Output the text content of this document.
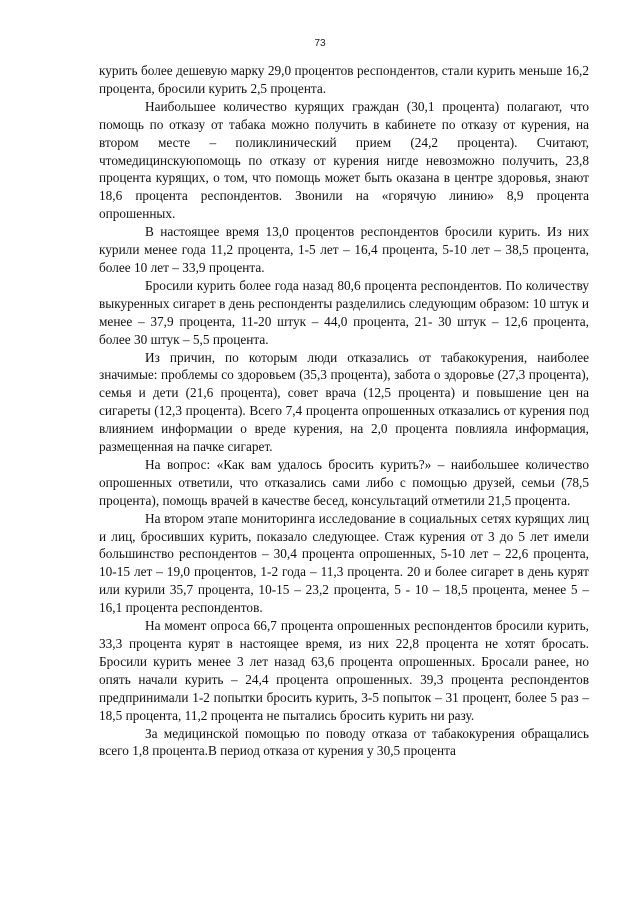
73

курить более дешевую марку 29,0 процентов респондентов, стали курить меньше 16,2 процента, бросили курить 2,5 процента.

Наибольшее количество курящих граждан (30,1 процента) полагают, что помощь по отказу от табака можно получить в кабинете по отказу от курения, на втором месте – поликлинический прием (24,2 процента). Считают, чтомедицинскуюпомощь по отказу от курения нигде невозможно получить, 23,8 процента курящих, о том, что помощь может быть оказана в центре здоровья, знают 18,6 процента респондентов. Звонили на «горячую линию» 8,9 процента опрошенных.

В настоящее время 13,0 процентов респондентов бросили курить. Из них курили менее года 11,2 процента, 1-5 лет – 16,4 процента, 5-10 лет – 38,5 процента, более 10 лет – 33,9 процента.

Бросили курить более года назад 80,6 процента респондентов. По количеству выкуренных сигарет в день респонденты разделились следующим образом: 10 штук и менее – 37,9 процента, 11-20 штук – 44,0 процента, 21- 30 штук – 12,6 процента, более 30 штук – 5,5 процента.

Из причин, по которым люди отказались от табакокурения, наиболее значимые: проблемы со здоровьем (35,3 процента), забота о здоровье (27,3 процента), семья и дети (21,6 процента), совет врача (12,5 процента) и повышение цен на сигареты (12,3 процента). Всего 7,4 процента опрошенных отказались от курения под влиянием информации о вреде курения, на 2,0 процента повлияла информация, размещенная на пачке сигарет.

На вопрос: «Как вам удалось бросить курить?» – наибольшее количество опрошенных ответили, что отказались сами либо с помощью друзей, семьи (78,5 процента), помощь врачей в качестве бесед, консультаций отметили 21,5 процента.

На втором этапе мониторинга исследование в социальных сетях курящих лиц и лиц, бросивших курить, показало следующее. Стаж курения от 3 до 5 лет имели большинство респондентов – 30,4 процента опрошенных, 5-10 лет – 22,6 процента, 10-15 лет – 19,0 процентов, 1-2 года – 11,3 процента. 20 и более сигарет в день курят или курили 35,7 процента, 10-15 – 23,2 процента, 5 - 10 – 18,5 процента, менее 5 – 16,1 процента респондентов.

На момент опроса 66,7 процента опрошенных респондентов бросили курить, 33,3 процента курят в настоящее время, из них 22,8 процента не хотят бросать. Бросили курить менее 3 лет назад 63,6 процента опрошенных. Бросали ранее, но опять начали курить – 24,4 процента опрошенных. 39,3 процента респондентов предпринимали 1-2 попытки бросить курить, 3-5 попыток – 31 процент, более 5 раз – 18,5 процента, 11,2 процента не пытались бросить курить ни разу.

За медицинской помощью по поводу отказа от табакокурения обращались всего 1,8 процента.В период отказа от курения у 30,5 процента
